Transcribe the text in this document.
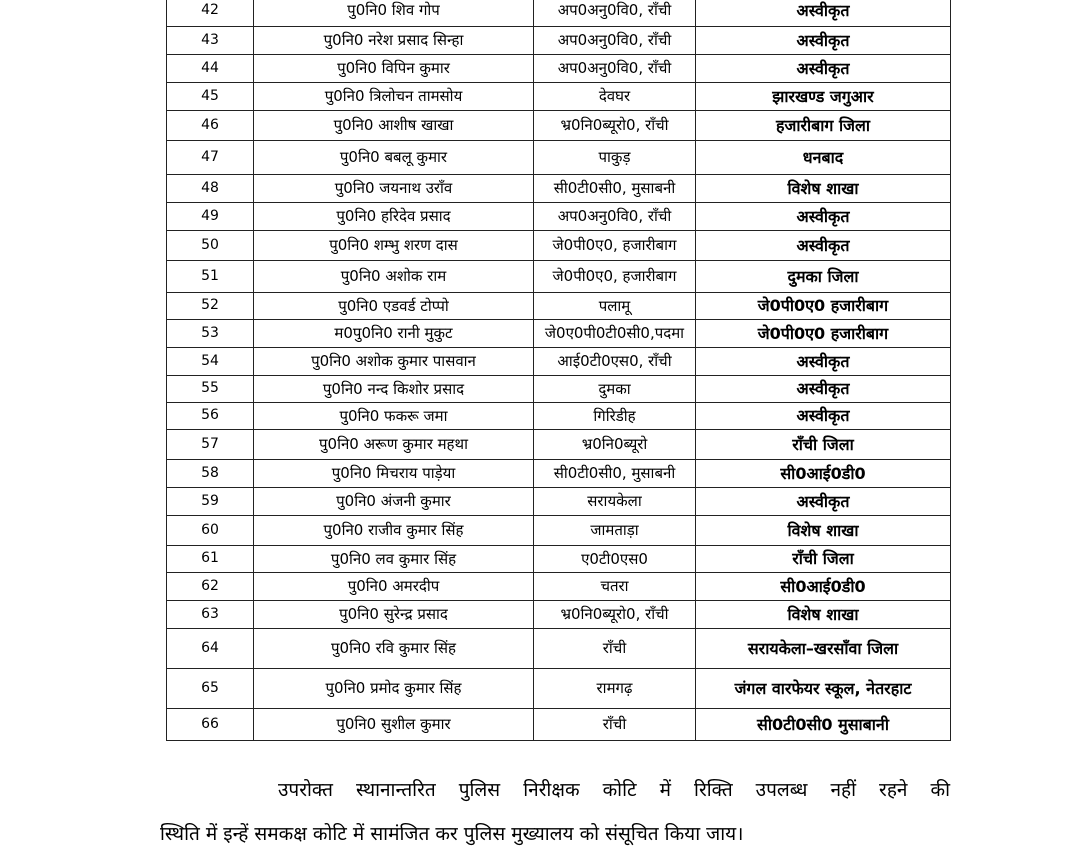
42	पु0नि0 शिव गोप	अप0अनु0वि0, राँची	अस्वीकृत
43	पु0नि0 नरेश प्रसाद सिन्हा	अप0अनु0वि0, राँची	अस्वीकृत
44	पु0नि0 विपिन कुमार	अप0अनु0वि0, राँची	अस्वीकृत
45	पु0नि0 त्रिलोचन तामसोय	देवघर	झारखण्ड जगुआर
46	पु0नि0 आशीष खाखा	भ्र0नि0ब्यूरो0, राँची	हजारीबाग जिला
47	पु0नि0 बबलू कुमार	पाकुड़	धनबाद
48	पु0नि0 जयनाथ उराँव	सी0टी0सी0, मुसाबनी	विशेष शाखा
49	पु0नि0 हरिदेव प्रसाद	अप0अनु0वि0, राँची	अस्वीकृत
50	पु0नि0 शम्भु शरण दास	जे0पी0ए0, हजारीबाग	अस्वीकृत
51	पु0नि0 अशोक राम	जे0पी0ए0, हजारीबाग	दुमका जिला
52	पु0नि0 एडवर्ड टोप्पो	पलामू	जे0पी0ए0 हजारीबाग
53	म0पु0नि0 रानी मुकुट	जे0ए0पी0टी0सी0,पदमा	जे0पी0ए0 हजारीबाग
54	पु0नि0 अशोक कुमार पासवान	आई0टी0एस0, राँची	अस्वीकृत
55	पु0नि0 नन्द किशोर प्रसाद	दुमका	अस्वीकृत
56	पु0नि0 फकरू जमा	गिरिडीह	अस्वीकृत
57	पु0नि0 अरूण कुमार महथा	भ्र0नि0ब्यूरो	राँची जिला
58	पु0नि0 मिचराय पाड़ेया	सी0टी0सी0, मुसाबनी	सी0आई0डी0
59	पु0नि0 अंजनी कुमार	सरायकेला	अस्वीकृत
60	पु0नि0 राजीव कुमार सिंह	जामताड़ा	विशेष शाखा
61	पु0नि0 लव कुमार सिंह	ए0टी0एस0	राँची जिला
62	पु0नि0 अमरदीप	चतरा	सी0आई0डी0
63	पु0नि0 सुरेन्द्र प्रसाद	भ्र0नि0ब्यूरो0, राँची	विशेष शाखा
64	पु0नि0 रवि कुमार सिंह	राँची	सरायकेला–खरसाँवा जिला
65	पु0नि0 प्रमोद कुमार सिंह	रामगढ़	जंगल वारफेयर स्कूल, नेतरहाट
66	पु0नि0 सुशील कुमार	राँची	सी0टी0सी0 मुसाबानी
उपरोक्त स्थानान्तरित पुलिस निरीक्षक कोटि में रिक्ति उपलब्ध नहीं रहने की
स्थिति में इन्हें समकक्ष कोटि में सामंजित कर पुलिस मुख्यालय को संसूचित किया जाय।
